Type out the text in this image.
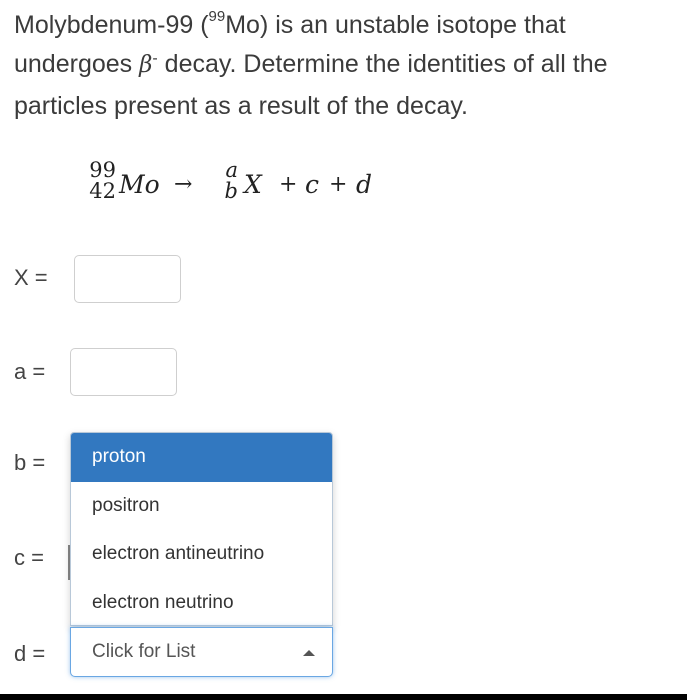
Molybdenum-99 ($^{99}$Mo) is an unstable isotope that undergoes β- decay. Determine the identities of all the particles present as a result of the decay.
99
42 Mo →
a
b X + c + d
X =
a =
b =
c =
d =
proton
positron
electron antineutrino
electron neutrino
Click for List
